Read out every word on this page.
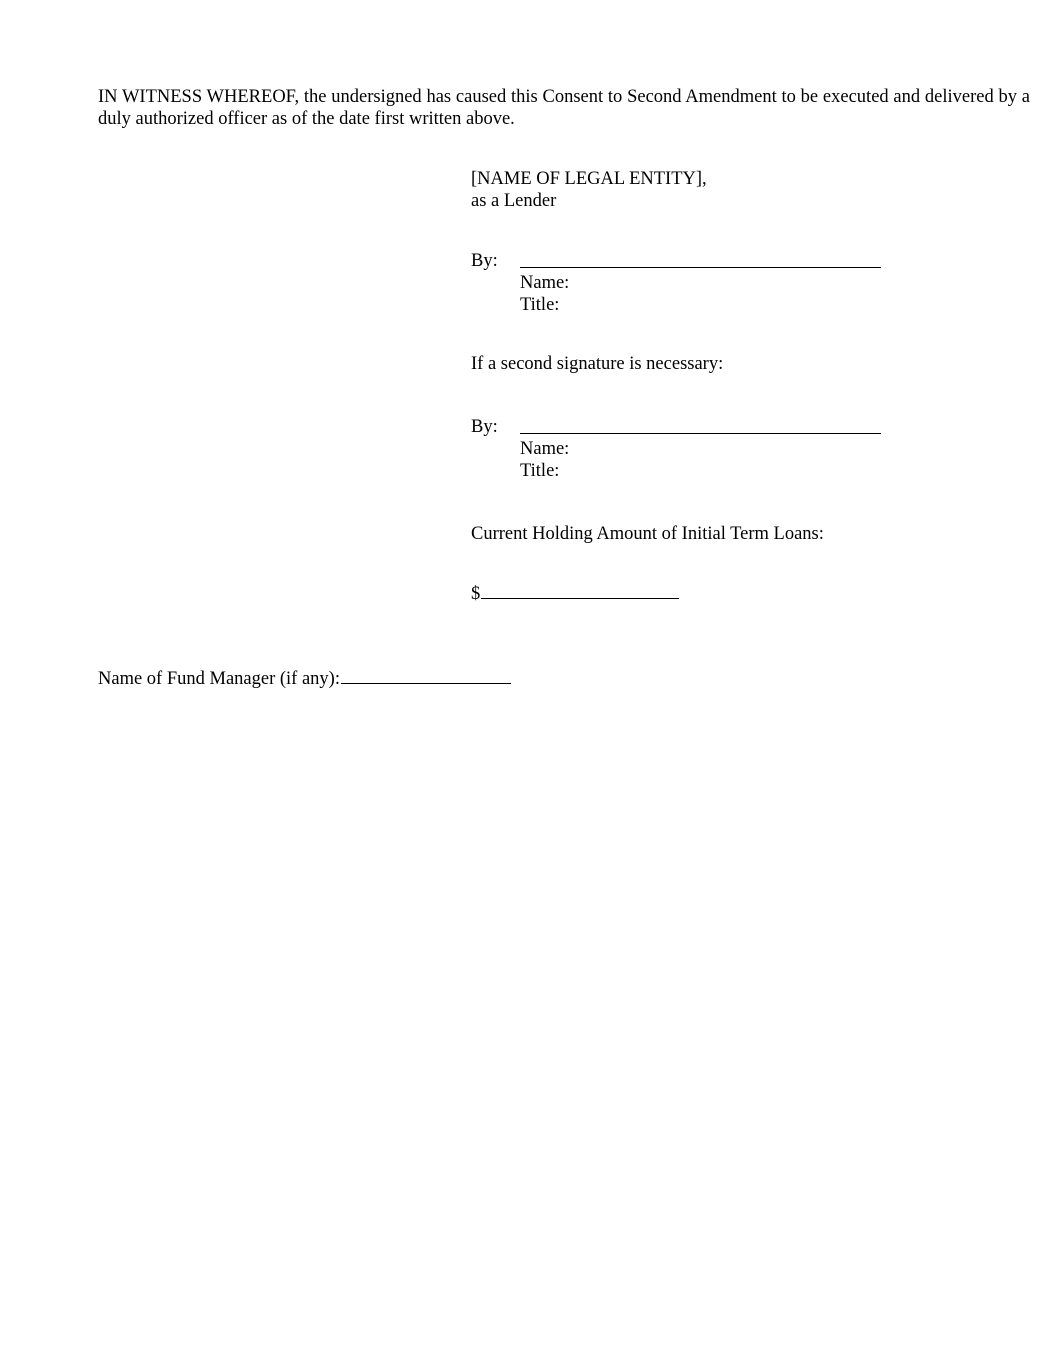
IN WITNESS WHEREOF, the undersigned has caused this Consent to Second Amendment to be executed and delivered by a duly authorized officer as of the date first written above.
[NAME OF LEGAL ENTITY],
as a Lender
By:
Name:
Title:
If a second signature is necessary:
By:
Name:
Title:
Current Holding Amount of Initial Term Loans:
$
Name of Fund Manager (if any):
